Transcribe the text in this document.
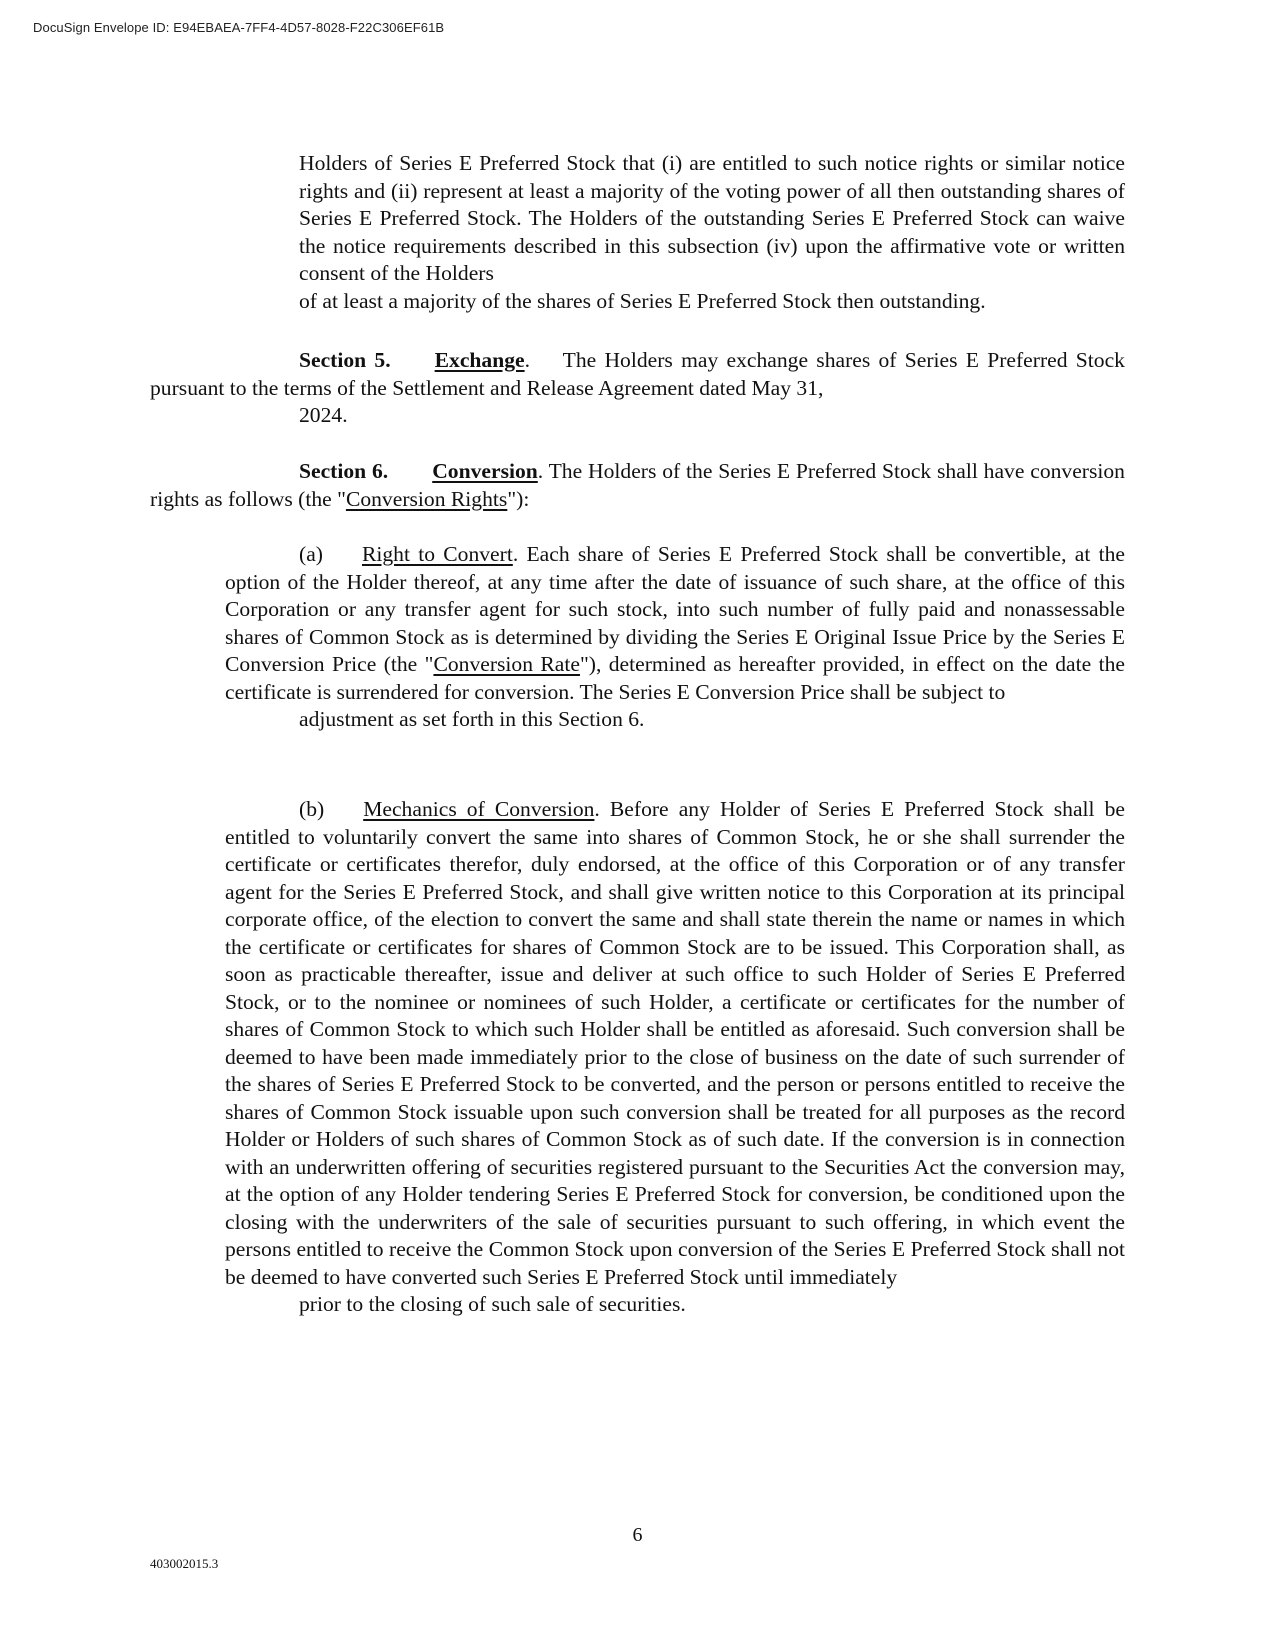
DocuSign Envelope ID: E94EBAEA-7FF4-4D57-8028-F22C306EF61B

Holders of Series E Preferred Stock that (i) are entitled to such notice rights or similar notice rights and (ii) represent at least a majority of the voting power of all then outstanding shares of Series E Preferred Stock. The Holders of the outstanding Series E Preferred Stock can waive the notice requirements described in this subsection (iv) upon the affirmative vote or written consent of the Holders
of at least a majority of the shares of Series E Preferred Stock then outstanding.

Section 5. Exchange. The Holders may exchange shares of Series E Preferred Stock pursuant to the terms of the Settlement and Release Agreement dated May 31,
2024.

Section 6. Conversion. The Holders of the Series E Preferred Stock shall have conversion rights as follows (the "Conversion Rights"):

(a) Right to Convert. Each share of Series E Preferred Stock shall be convertible, at the option of the Holder thereof, at any time after the date of issuance of such share, at the office of this Corporation or any transfer agent for such stock, into such number of fully paid and nonassessable shares of Common Stock as is determined by dividing the Series E Original Issue Price by the Series E Conversion Price (the "Conversion Rate"), determined as hereafter provided, in effect on the date the certificate is surrendered for conversion. The Series E Conversion Price shall be subject to
adjustment as set forth in this Section 6.

(b) Mechanics of Conversion. Before any Holder of Series E Preferred Stock shall be entitled to voluntarily convert the same into shares of Common Stock, he or she shall surrender the certificate or certificates therefor, duly endorsed, at the office of this Corporation or of any transfer agent for the Series E Preferred Stock, and shall give written notice to this Corporation at its principal corporate office, of the election to convert the same and shall state therein the name or names in which the certificate or certificates for shares of Common Stock are to be issued. This Corporation shall, as soon as practicable thereafter, issue and deliver at such office to such Holder of Series E Preferred Stock, or to the nominee or nominees of such Holder, a certificate or certificates for the number of shares of Common Stock to which such Holder shall be entitled as aforesaid. Such conversion shall be deemed to have been made immediately prior to the close of business on the date of such surrender of the shares of Series E Preferred Stock to be converted, and the person or persons entitled to receive the shares of Common Stock issuable upon such conversion shall be treated for all purposes as the record Holder or Holders of such shares of Common Stock as of such date. If the conversion is in connection with an underwritten offering of securities registered pursuant to the Securities Act the conversion may, at the option of any Holder tendering Series E Preferred Stock for conversion, be conditioned upon the closing with the underwriters of the sale of securities pursuant to such offering, in which event the persons entitled to receive the Common Stock upon conversion of the Series E Preferred Stock shall not be deemed to have converted such Series E Preferred Stock until immediately
prior to the closing of such sale of securities.

6
403002015.3
